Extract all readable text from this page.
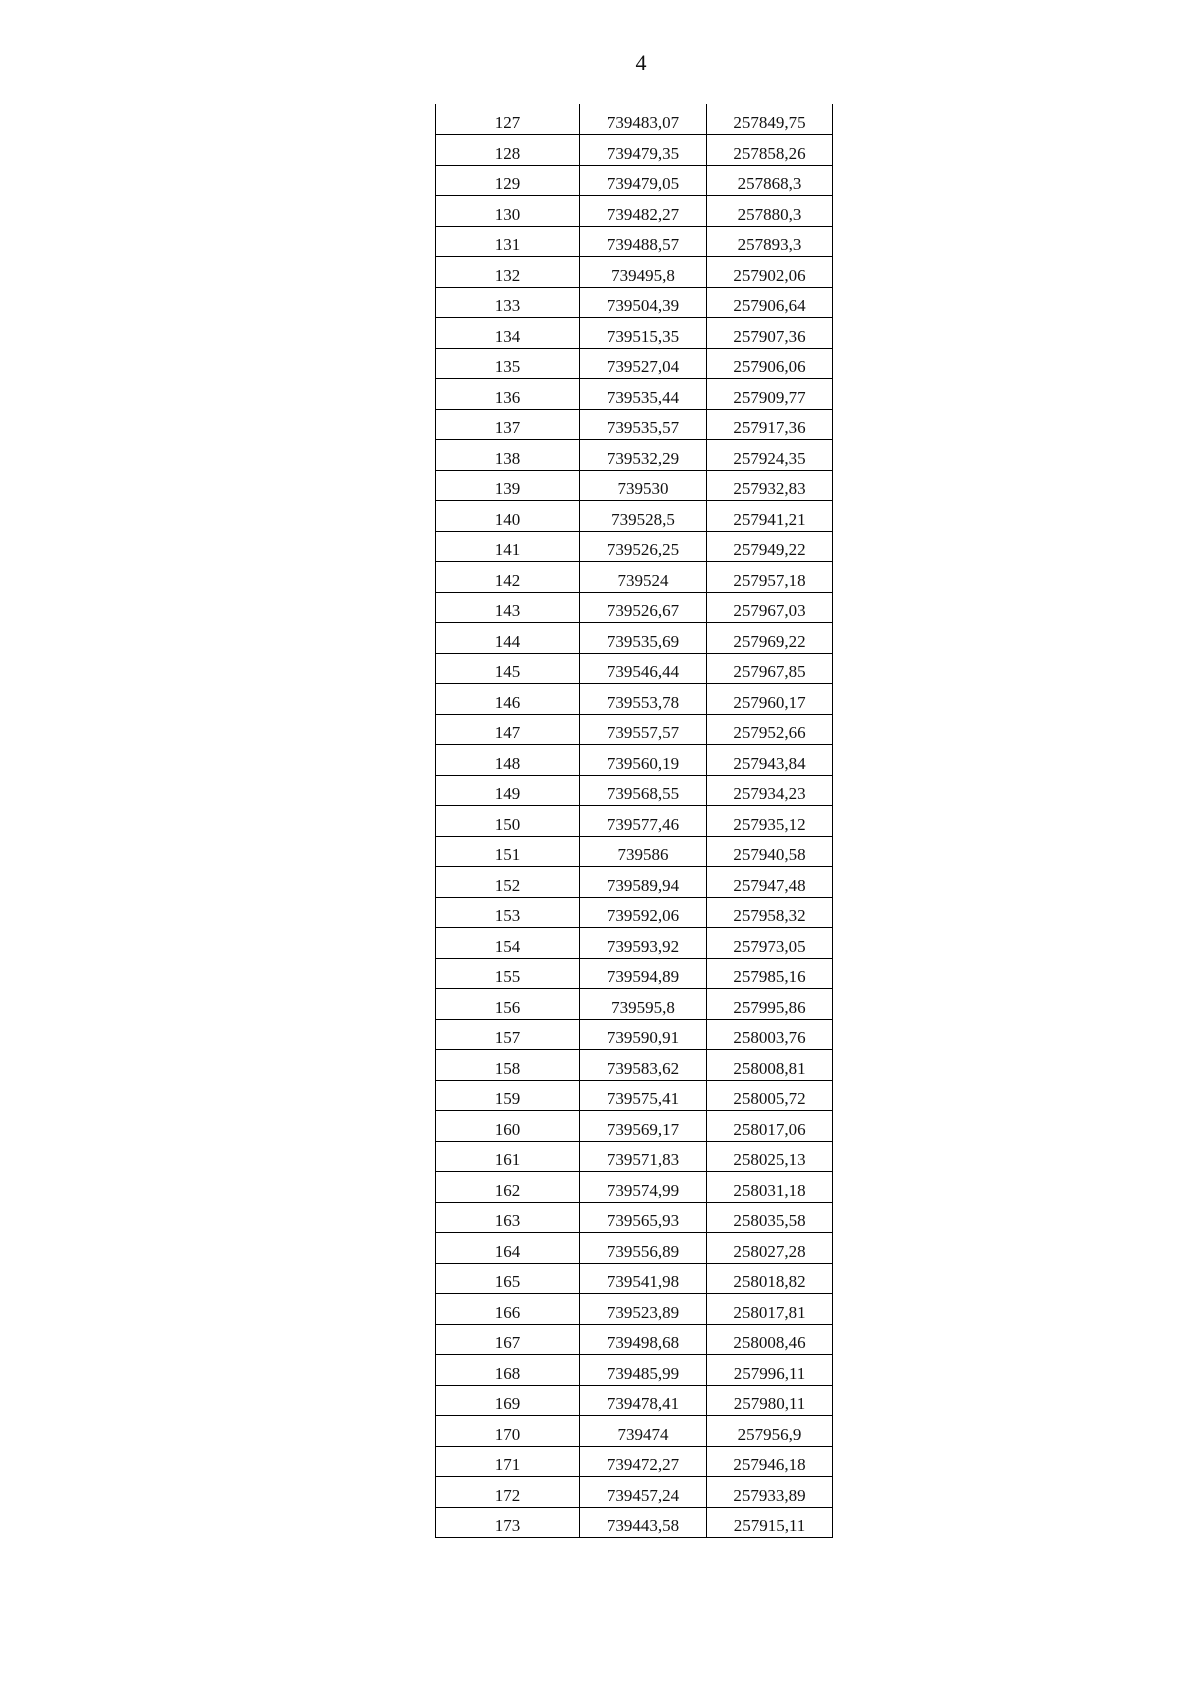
4
127	739483,07	257849,75
128	739479,35	257858,26
129	739479,05	257868,3
130	739482,27	257880,3
131	739488,57	257893,3
132	739495,8	257902,06
133	739504,39	257906,64
134	739515,35	257907,36
135	739527,04	257906,06
136	739535,44	257909,77
137	739535,57	257917,36
138	739532,29	257924,35
139	739530	257932,83
140	739528,5	257941,21
141	739526,25	257949,22
142	739524	257957,18
143	739526,67	257967,03
144	739535,69	257969,22
145	739546,44	257967,85
146	739553,78	257960,17
147	739557,57	257952,66
148	739560,19	257943,84
149	739568,55	257934,23
150	739577,46	257935,12
151	739586	257940,58
152	739589,94	257947,48
153	739592,06	257958,32
154	739593,92	257973,05
155	739594,89	257985,16
156	739595,8	257995,86
157	739590,91	258003,76
158	739583,62	258008,81
159	739575,41	258005,72
160	739569,17	258017,06
161	739571,83	258025,13
162	739574,99	258031,18
163	739565,93	258035,58
164	739556,89	258027,28
165	739541,98	258018,82
166	739523,89	258017,81
167	739498,68	258008,46
168	739485,99	257996,11
169	739478,41	257980,11
170	739474	257956,9
171	739472,27	257946,18
172	739457,24	257933,89
173	739443,58	257915,11
